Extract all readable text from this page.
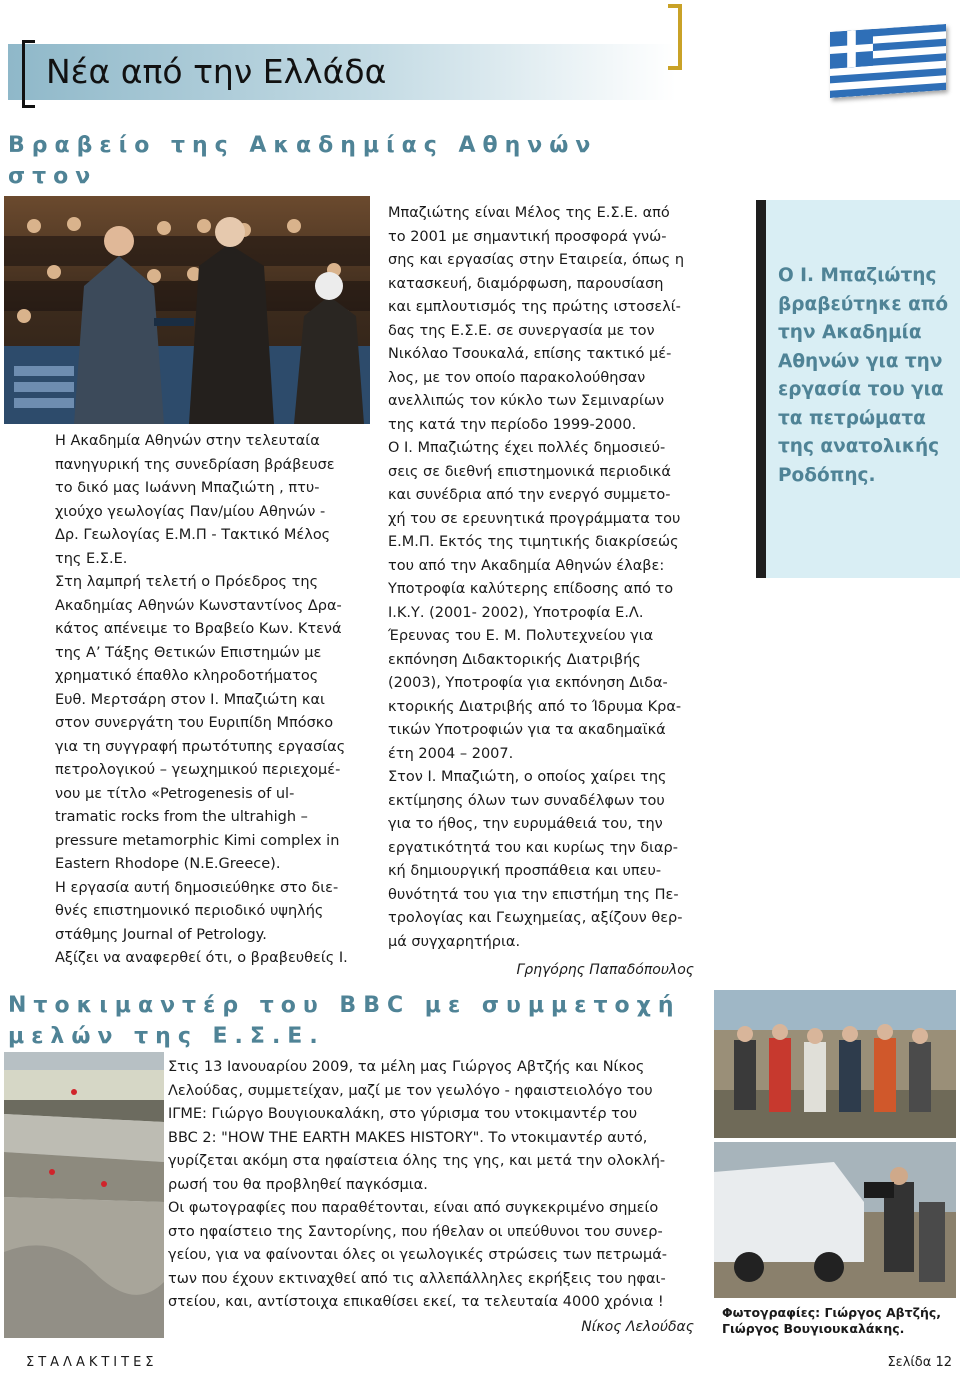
Νέα από την Ελλάδα
Βραβείο της Ακαδημίας Αθηνών στον
Η Ακαδημία Αθηνών στην τελευταία
πανηγυρική της συνεδρίαση βράβευσε
το δικό μας Ιωάννη Μπαζιώτη , πτυ-
χιούχο γεωλογίας Παν/μίου Αθηνών -
Δρ. Γεωλογίας Ε.Μ.Π - Τακτικό Μέλος
της Ε.Σ.Ε.
Στη λαμπρή τελετή ο Πρόεδρος της
Ακαδημίας Αθηνών Κωνσταντίνος Δρα-
κάτος απένειμε το Βραβείο Κων. Κτενά
της Α’ Τάξης Θετικών Επιστημών με
χρηματικό έπαθλο κληροδοτήματος
Ευθ. Μερτσάρη στον Ι. Μπαζιώτη και
στον συνεργάτη του Ευριπίδη Μπόσκο
για τη συγγραφή πρωτότυπης εργασίας
πετρολογικού – γεωχημικού περιεχομέ-
νου με τίτλο «Petrogenesis of ul-
tramatic rocks from the ultrahigh –
pressure metamorphic Kimi complex in
Eastern Rhodope (N.E.Greece).
Η εργασία αυτή δημοσιεύθηκε στο διε-
θνές επιστημονικό περιοδικό υψηλής
στάθμης Journal of Petrology.
Αξίζει να αναφερθεί ότι, ο βραβευθείς Ι.
Μπαζιώτης είναι Μέλος της Ε.Σ.Ε. από
το 2001 με σημαντική προσφορά γνώ-
σης και εργασίας στην Εταιρεία, όπως η
κατασκευή, διαμόρφωση, παρουσίαση
και εμπλουτισμός της πρώτης ιστοσελί-
δας της Ε.Σ.Ε. σε συνεργασία με τον
Νικόλαο Τσουκαλά, επίσης τακτικό μέ-
λος, με τον οποίο παρακολούθησαν
ανελλιπώς τον κύκλο των Σεμιναρίων
της κατά την περίοδο 1999-2000.
Ο Ι. Μπαζιώτης έχει πολλές δημοσιεύ-
σεις σε διεθνή επιστημονικά περιοδικά
και συνέδρια από την ενεργό συμμετο-
χή του σε ερευνητικά προγράμματα του
Ε.Μ.Π. Εκτός της τιμητικής διακρίσεώς
του από την Ακαδημία Αθηνών έλαβε:
Υποτροφία καλύτερης επίδοσης από το
Ι.Κ.Υ. (2001- 2002), Υποτροφία Ε.Λ.
Έρευνας του Ε. Μ. Πολυτεχνείου για
εκπόνηση Διδακτορικής Διατριβής
(2003), Υποτροφία για εκπόνηση Διδα-
κτορικής Διατριβής από το Ίδρυμα Κρα-
τικών Υποτροφιών για τα ακαδημαϊκά
έτη 2004 – 2007.
Στον Ι. Μπαζιώτη, ο οποίος χαίρει της
εκτίμησης όλων των συναδέλφων του
για το ήθος, την ευρυμάθειά του, την
εργατικότητά του και κυρίως την διαρ-
κή δημιουργική προσπάθεια και υπευ-
θυνότητά του για την επιστήμη της Πε-
τρολογίας και Γεωχημείας, αξίζουν θερ-
μά συγχαρητήρια.
Γρηγόρης Παπαδόπουλος
Ο Ι. Μπαζιώτης βραβεύτηκε από την Ακαδημία Αθηνών για την εργασία του για τα πετρώματα της ανατολικής Ροδόπης.
Ντοκιμαντέρ του BBC με συμμετοχή
μελών της Ε.Σ.Ε.
Στις 13 Ιανουαρίου 2009, τα μέλη μας Γιώργος Αβτζής και Νίκος
Λελούδας, συμμετείχαν, μαζί με τον γεωλόγο - ηφαιστειολόγο του
ΙΓΜΕ: Γιώργο Βουγιουκαλάκη, στο γύρισμα του ντοκιμαντέρ του
BBC 2: "HOW THE EARTH MAKES HISTORY". Το ντοκιμαντέρ αυτό,
γυρίζεται ακόμη στα ηφαίστεια όλης της γης, και μετά την ολοκλή-
ρωσή του θα προβληθεί παγκόσμια.
Οι φωτογραφίες που παραθέτονται, είναι από συγκεκριμένο σημείο
στο ηφαίστειο της Σαντορίνης, που ήθελαν οι υπεύθυνοι του συνερ-
γείου, για να φαίνονται όλες οι γεωλογικές στρώσεις των πετρωμά-
των που έχουν εκτιναχθεί από τις αλλεπάλληλες εκρήξεις του ηφαι-
στείου, και, αντίστοιχα επικαθίσει εκεί, τα τελευταία 4000 χρόνια !
Νίκος Λελούδας
Φωτογραφίες: Γιώργος Αβτζής,
Γιώργος Βουγιουκαλάκης.
ΣΤΑΛΑΚΤΙΤΕΣ	Σελίδα 12
